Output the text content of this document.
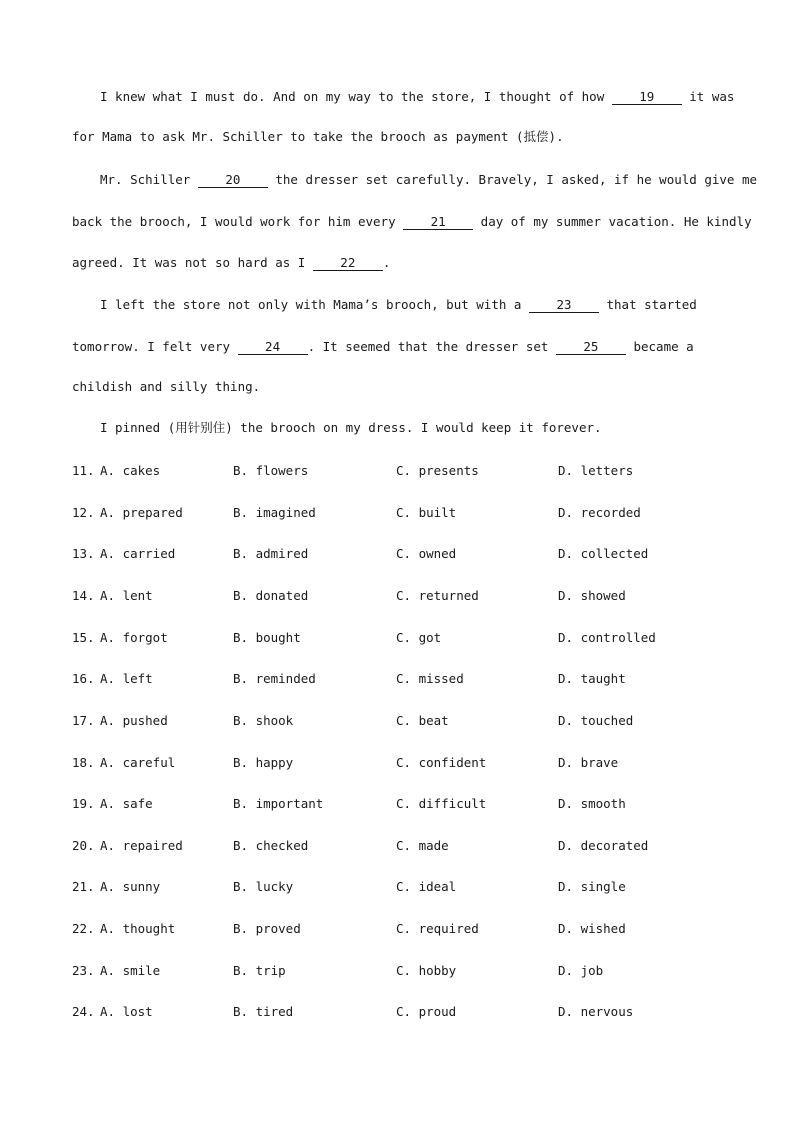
I knew what I must do. And on my way to the store, I thought of how 19 it was
for Mama to ask Mr. Schiller to take the brooch as payment (抵偿).
Mr. Schiller 20 the dresser set carefully. Bravely, I asked, if he would give me
back the brooch, I would work for him every 21 day of my summer vacation. He kindly
agreed. It was not so hard as I 22 .
I left the store not only with Mama’s brooch, but with a 23 that started
tomorrow. I felt very 24 . It seemed that the dresser set 25 became a
childish and silly thing.
I pinned (用针别住) the brooch on my dress. I would keep it forever.
11. A. cakes	B. flowers	C. presents	D. letters
12. A. prepared	B. imagined	C. built	D. recorded
13. A. carried	B. admired	C. owned	D. collected
14. A. lent	B. donated	C. returned	D. showed
15. A. forgot	B. bought	C. got	D. controlled
16. A. left	B. reminded	C. missed	D. taught
17. A. pushed	B. shook	C. beat	D. touched
18. A. careful	B. happy	C. confident	D. brave
19. A. safe	B. important	C. difficult	D. smooth
20. A. repaired	B. checked	C. made	D. decorated
21. A. sunny	B. lucky	C. ideal	D. single
22. A. thought	B. proved	C. required	D. wished
23. A. smile	B. trip	C. hobby	D. job
24. A. lost	B. tired	C. proud	D. nervous
